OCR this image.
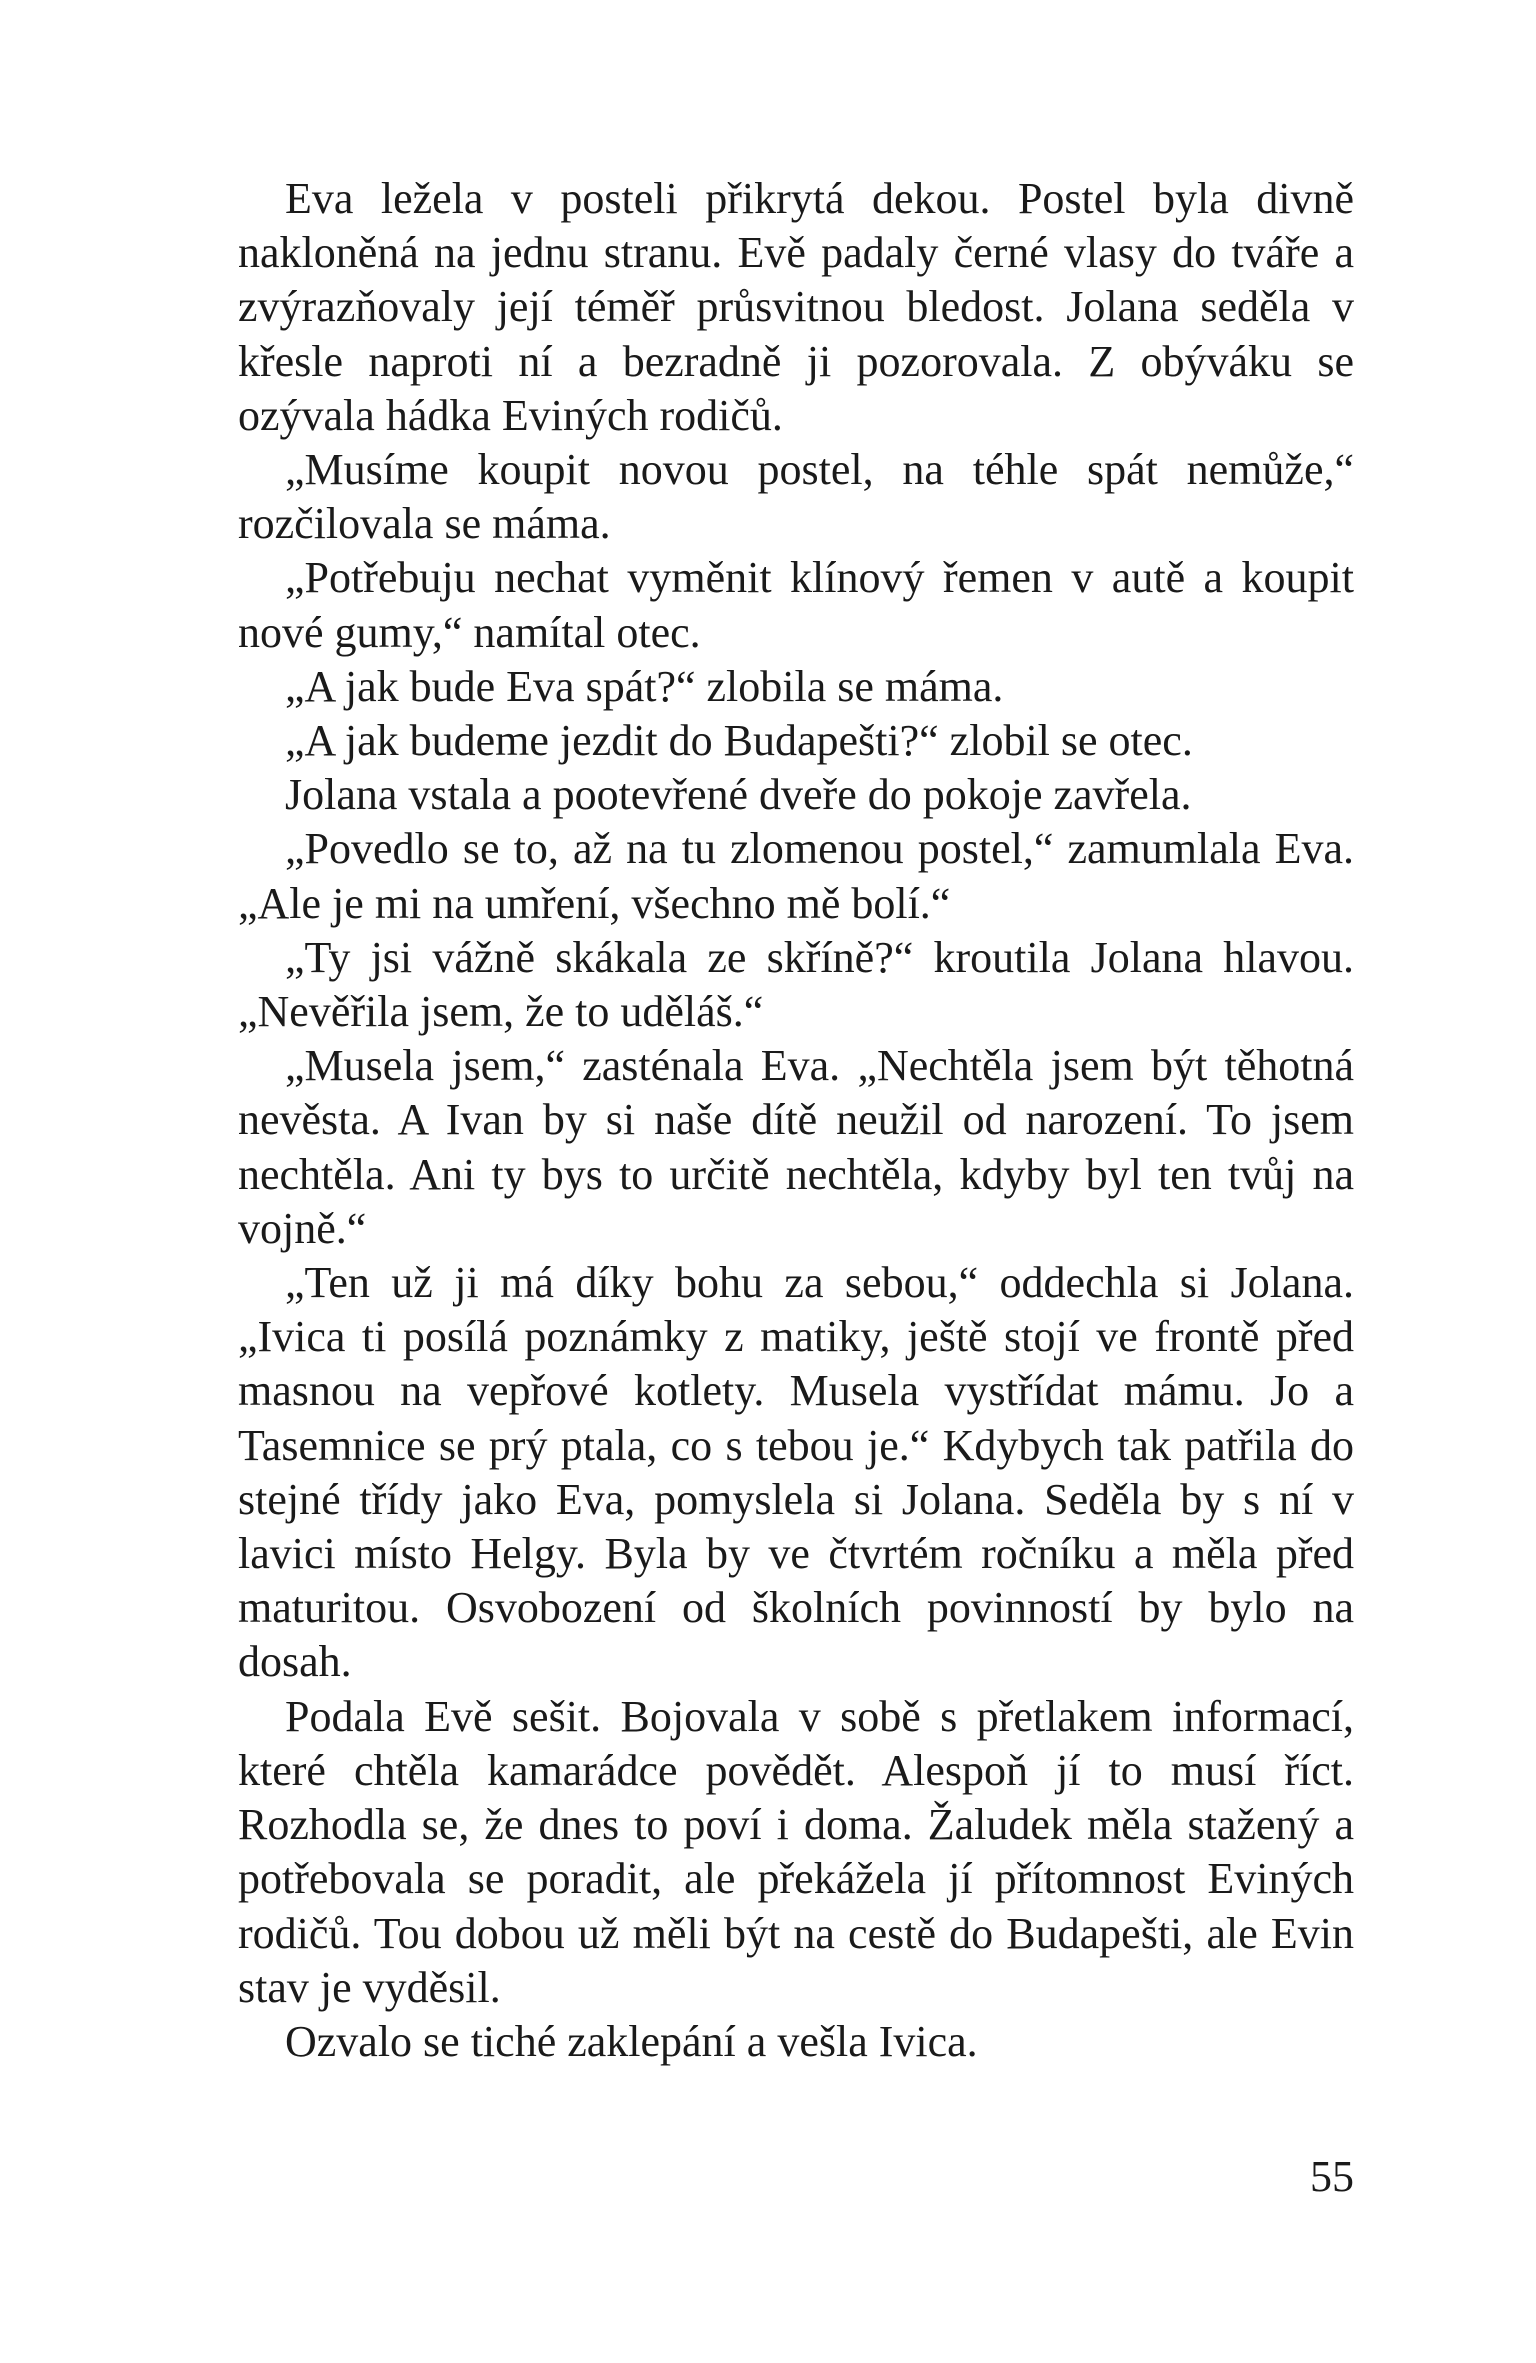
Eva ležela v posteli přikrytá dekou. Postel byla divně nakloněná na jednu stranu. Evě padaly černé vlasy do tváře a zvýrazňovaly její téměř průsvitnou bledost. Jolana seděla v křesle naproti ní a bezradně ji pozorovala. Z obýváku se ozývala hádka Eviných rodičů.

„Musíme koupit novou postel, na téhle spát nemůže,“ rozčilovala se máma.

„Potřebuju nechat vyměnit klínový řemen v autě a koupit nové gumy,“ namítal otec.

„A jak bude Eva spát?“ zlobila se máma.

„A jak budeme jezdit do Budapešti?“ zlobil se otec.

Jolana vstala a pootevřené dveře do pokoje zavřela.

„Povedlo se to, až na tu zlomenou postel,“ zamumlala Eva. „Ale je mi na umření, všechno mě bolí.“

„Ty jsi vážně skákala ze skříně?“ kroutila Jolana hlavou. „Nevěřila jsem, že to uděláš.“

„Musela jsem,“ zasténala Eva. „Nechtěla jsem být těhotná nevěsta. A Ivan by si naše dítě neužil od narození. To jsem nechtěla. Ani ty bys to určitě nechtěla, kdyby byl ten tvůj na vojně.“

„Ten už ji má díky bohu za sebou,“ oddechla si Jolana. „Ivica ti posílá poznámky z matiky, ještě stojí ve frontě před masnou na vepřové kotlety. Musela vystřídat mámu. Jo a Tasemnice se prý ptala, co s tebou je.“ Kdybych tak patřila do stejné třídy jako Eva, pomyslela si Jolana. Seděla by s ní v lavici místo Helgy. Byla by ve čtvrtém ročníku a měla před maturitou. Osvobození od školních povinností by bylo na dosah.

Podala Evě sešit. Bojovala v sobě s přetlakem informací, které chtěla kamarádce povědět. Alespoň jí to musí říct. Rozhodla se, že dnes to poví i doma. Žaludek měla stažený a potřebovala se poradit, ale překážela jí přítomnost Eviných rodičů. Tou dobou už měli být na cestě do Budapešti, ale Evin stav je vyděsil.

Ozvalo se tiché zaklepání a vešla Ivica.

55
